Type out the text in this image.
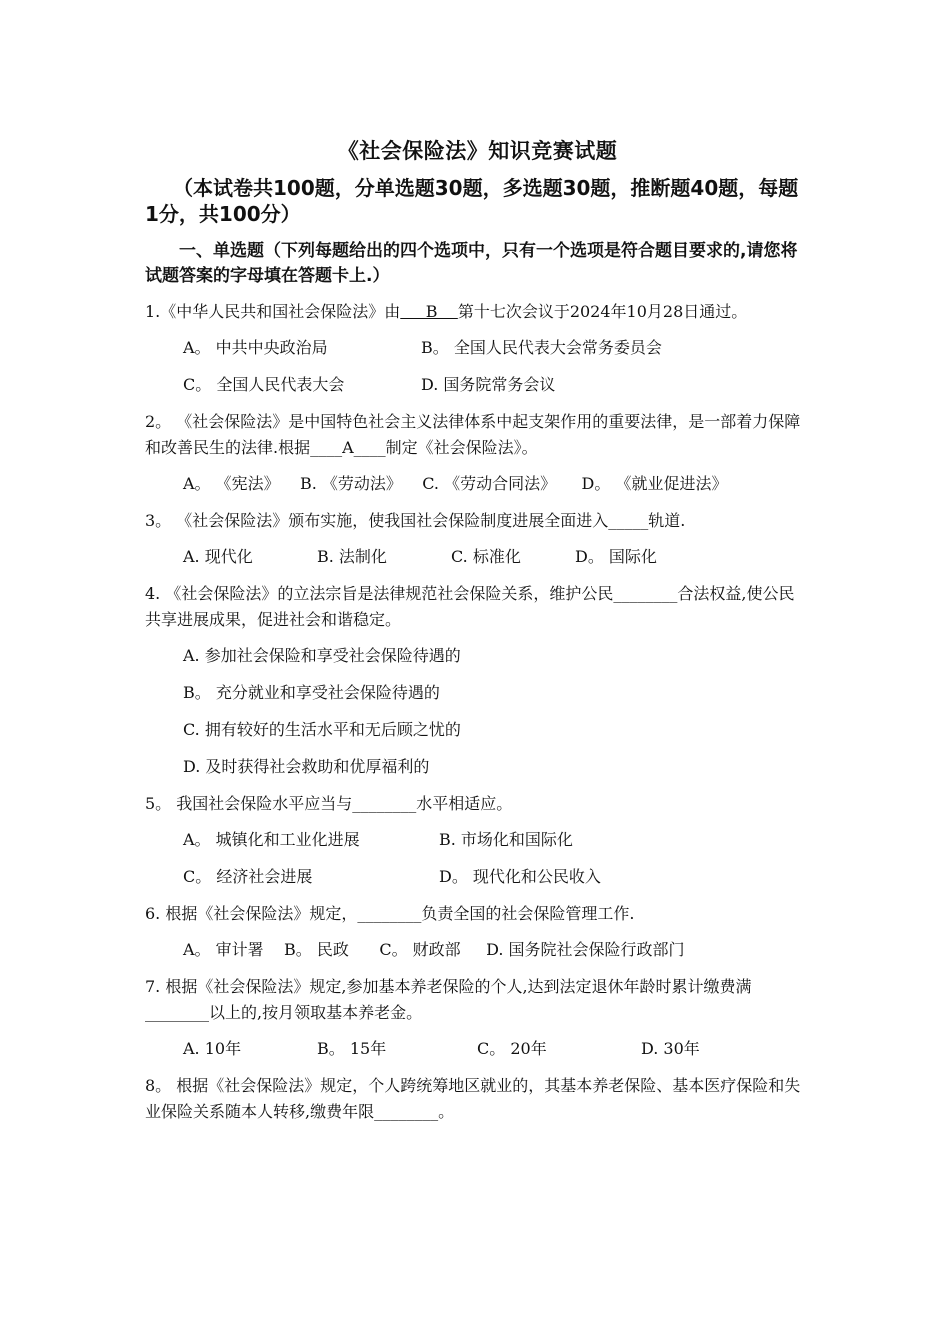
《社会保险法》知识竞赛试题
（本试卷共100题，分单选题30题，多选题30题，推断题40题，每题1分，共100分）
一、单选题（下列每题给出的四个选项中，只有一个选项是符合题目要求的,请您将试题答案的字母填在答题卡上.）
1.《中华人民共和国社会保险法》由     B    第十七次会议于2024年10月28日通过。
A。 中共中央政治局	B。 全国人民代表大会常务委员会
C。 全国人民代表大会	D. 国务院常务会议
2。 《社会保险法》是中国特色社会主义法律体系中起支架作用的重要法律，是一部着力保障和改善民生的法律.根据____A____制定《社会保险法》。
A。 《宪法》    B. 《劳动法》    C. 《劳动合同法》     D。 《就业促进法》
3。 《社会保险法》颁布实施，使我国社会保险制度进展全面进入_____轨道.
A. 现代化	B. 法制化	C. 标准化	D。 国际化
4. 《社会保险法》的立法宗旨是法律规范社会保险关系，维护公民________合法权益,使公民共享进展成果，促进社会和谐稳定。
A. 参加社会保险和享受社会保险待遇的
B。 充分就业和享受社会保险待遇的
C. 拥有较好的生活水平和无后顾之忧的
D. 及时获得社会救助和优厚福利的
5。 我国社会保险水平应当与________水平相适应。
A。 城镇化和工业化进展	B. 市场化和国际化
C。 经济社会进展	D。 现代化和公民收入
6. 根据《社会保险法》规定，________负责全国的社会保险管理工作.
A。 审计署    B。 民政      C。 财政部     D. 国务院社会保险行政部门
7. 根据《社会保险法》规定,参加基本养老保险的个人,达到法定退休年龄时累计缴费满________以上的,按月领取基本养老金。
A. 10年	B。 15年	C。 20年	D. 30年
8。 根据《社会保险法》规定，个人跨统筹地区就业的，其基本养老保险、基本医疗保险和失业保险关系随本人转移,缴费年限________。
